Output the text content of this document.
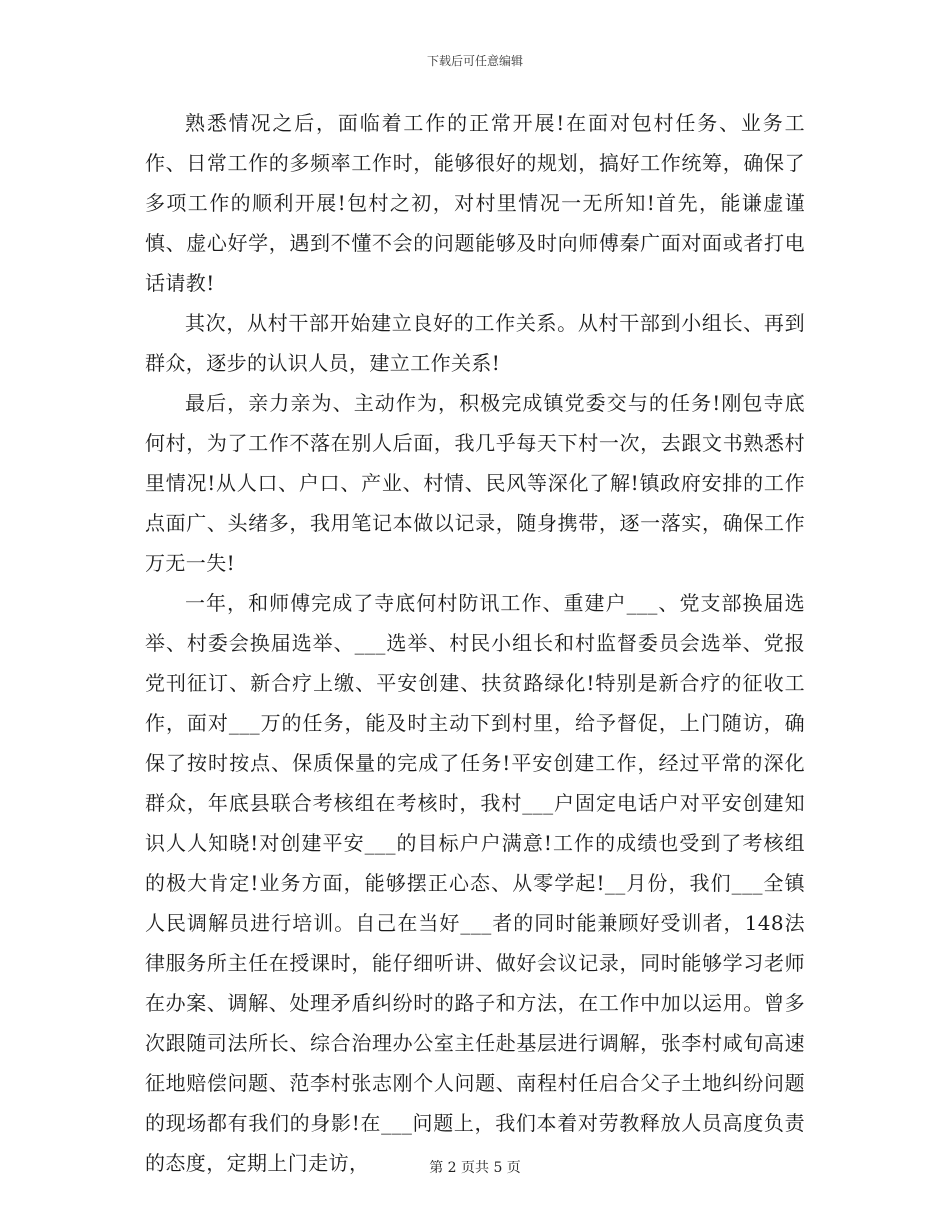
下载后可任意编辑

熟悉情况之后，面临着工作的正常开展!在面对包村任务、业务工作、日常工作的多频率工作时，能够很好的规划，搞好工作统筹，确保了多项工作的顺利开展!包村之初，对村里情况一无所知!首先，能谦虚谨慎、虚心好学，遇到不懂不会的问题能够及时向师傅秦广面对面或者打电话请教!

其次，从村干部开始建立良好的工作关系。从村干部到小组长、再到群众，逐步的认识人员，建立工作关系!

最后，亲力亲为、主动作为，积极完成镇党委交与的任务!刚包寺底何村，为了工作不落在别人后面，我几乎每天下村一次，去跟文书熟悉村里情况!从人口、户口、产业、村情、民风等深化了解!镇政府安排的工作点面广、头绪多，我用笔记本做以记录，随身携带，逐一落实，确保工作万无一失!

一年，和师傅完成了寺底何村防讯工作、重建户___、党支部换届选举、村委会换届选举、___选举、村民小组长和村监督委员会选举、党报党刊征订、新合疗上缴、平安创建、扶贫路绿化!特别是新合疗的征收工作，面对___万的任务，能及时主动下到村里，给予督促，上门随访，确保了按时按点、保质保量的完成了任务!平安创建工作，经过平常的深化群众，年底县联合考核组在考核时，我村___户固定电话户对平安创建知识人人知晓!对创建平安___的目标户户满意!工作的成绩也受到了考核组的极大肯定!业务方面，能够摆正心态、从零学起!__月份，我们___全镇人民调解员进行培训。自己在当好___者的同时能兼顾好受训者，148法律服务所主任在授课时，能仔细听讲、做好会议记录，同时能够学习老师在办案、调解、处理矛盾纠纷时的路子和方法，在工作中加以运用。曾多次跟随司法所长、综合治理办公室主任赴基层进行调解，张李村咸旬高速征地赔偿问题、范李村张志刚个人问题、南程村任启合父子土地纠纷问题的现场都有我们的身影!在___问题上，我们本着对劳教释放人员高度负责的态度，定期上门走访，	第 2 页共 5 页
